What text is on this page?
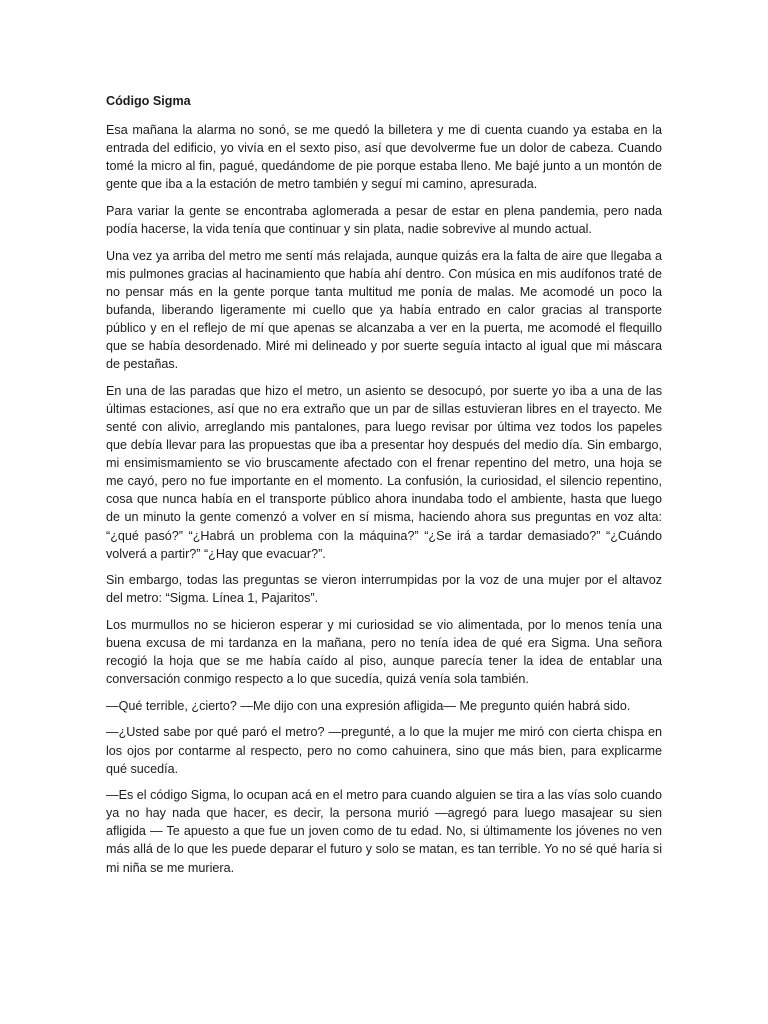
Código Sigma

Esa mañana la alarma no sonó, se me quedó la billetera y me di cuenta cuando ya estaba en la entrada del edificio, yo vivía en el sexto piso, así que devolverme fue un dolor de cabeza. Cuando tomé la micro al fin, pagué, quedándome de pie porque estaba lleno. Me bajé junto a un montón de gente que iba a la estación de metro también y seguí mi camino, apresurada.

Para variar la gente se encontraba aglomerada a pesar de estar en plena pandemia, pero nada podía hacerse, la vida tenía que continuar y sin plata, nadie sobrevive al mundo actual.

Una vez ya arriba del metro me sentí más relajada, aunque quizás era la falta de aire que llegaba a mis pulmones gracias al hacinamiento que había ahí dentro. Con música en mis audífonos traté de no pensar más en la gente porque tanta multitud me ponía de malas. Me acomodé un poco la bufanda, liberando ligeramente mi cuello que ya había entrado en calor gracias al transporte público y en el reflejo de mí que apenas se alcanzaba a ver en la puerta, me acomodé el flequillo que se había desordenado. Miré mi delineado y por suerte seguía intacto al igual que mi máscara de pestañas.

En una de las paradas que hizo el metro, un asiento se desocupó, por suerte yo iba a una de las últimas estaciones, así que no era extraño que un par de sillas estuvieran libres en el trayecto. Me senté con alivio, arreglando mis pantalones, para luego revisar por última vez todos los papeles que debía llevar para las propuestas que iba a presentar hoy después del medio día. Sin embargo, mi ensimismamiento se vio bruscamente afectado con el frenar repentino del metro, una hoja se me cayó, pero no fue importante en el momento. La confusión, la curiosidad, el silencio repentino, cosa que nunca había en el transporte público ahora inundaba todo el ambiente, hasta que luego de un minuto la gente comenzó a volver en sí misma, haciendo ahora sus preguntas en voz alta: “¿qué pasó?” “¿Habrá un problema con la máquina?” “¿Se irá a tardar demasiado?” “¿Cuándo volverá a partir?” “¿Hay que evacuar?”.

Sin embargo, todas las preguntas se vieron interrumpidas por la voz de una mujer por el altavoz del metro: “Sigma. Línea 1, Pajaritos”.

Los murmullos no se hicieron esperar y mi curiosidad se vio alimentada, por lo menos tenía una buena excusa de mi tardanza en la mañana, pero no tenía idea de qué era Sigma. Una señora recogió la hoja que se me había caído al piso, aunque parecía tener la idea de entablar una conversación conmigo respecto a lo que sucedía, quizá venía sola también.

—Qué terrible, ¿cierto? —Me dijo con una expresión afligida— Me pregunto quién habrá sido.

—¿Usted sabe por qué paró el metro? —pregunté, a lo que la mujer me miró con cierta chispa en los ojos por contarme al respecto, pero no como cahuinera, sino que más bien, para explicarme qué sucedía.

—Es el código Sigma, lo ocupan acá en el metro para cuando alguien se tira a las vías solo cuando ya no hay nada que hacer, es decir, la persona murió —agregó para luego masajear su sien afligida — Te apuesto a que fue un joven como de tu edad. No, si últimamente los jóvenes no ven más allá de lo que les puede deparar el futuro y solo se matan, es tan terrible. Yo no sé qué haría si mi niña se me muriera.
